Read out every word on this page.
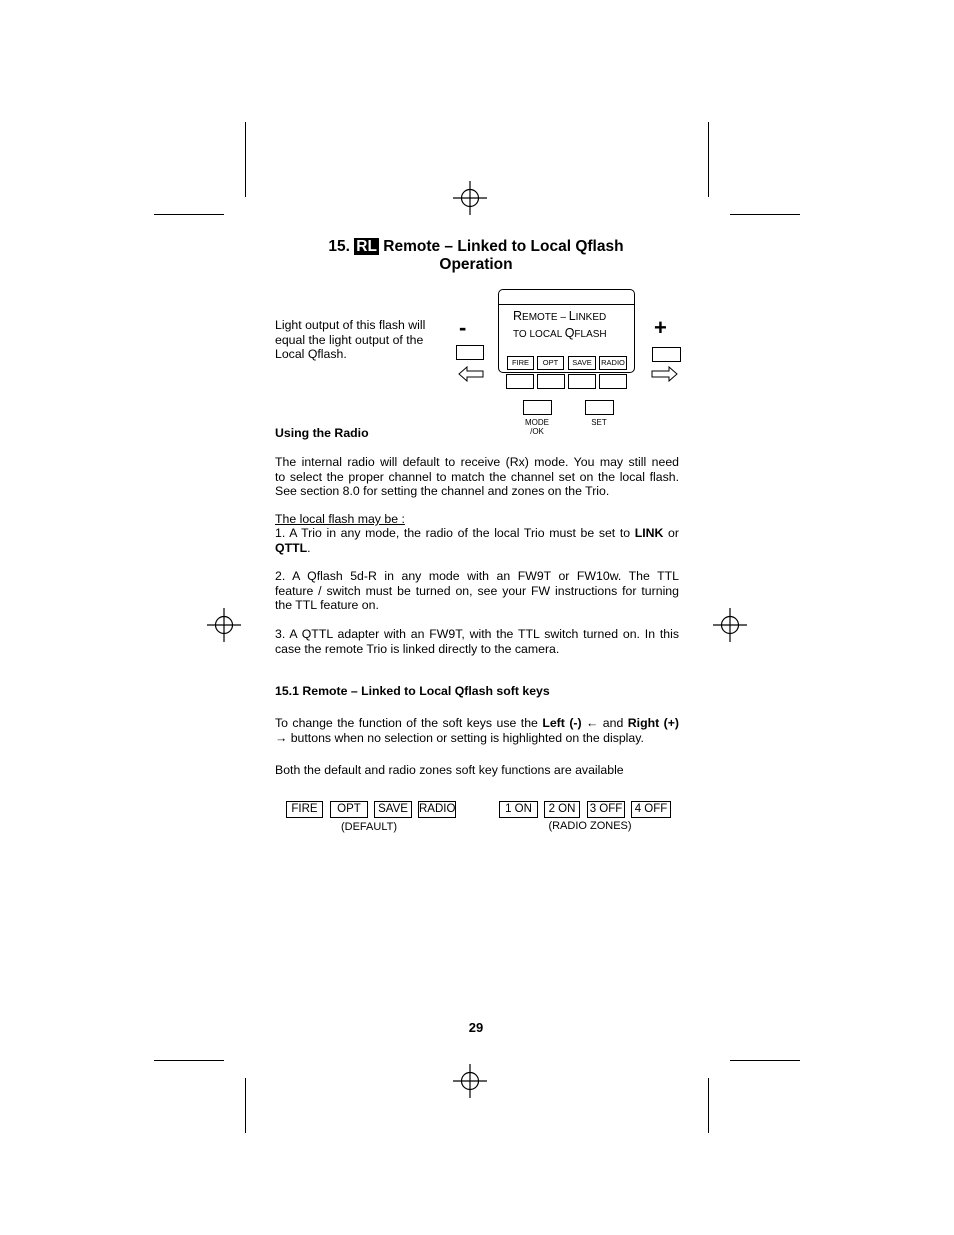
15. RL Remote – Linked to Local Qflash
Operation
Light output of this flash will
equal the light output of the
Local Qflash.
REMOTE – LINKED
TO LOCAL QFLASH
FIRE	OPT	SAVE	RADIO
-	+
MODE
/OK
SET
Using the Radio
The internal radio will default to receive (Rx) mode. You may still need
to select the proper channel to match the channel set on the local flash.
See section 8.0 for setting the channel and zones on the Trio.
The local flash may be :
1. A Trio in any mode, the radio of the local Trio must be set to LINK or
QTTL.
2. A Qflash 5d-R in any mode with an FW9T or FW10w. The TTL
feature / switch must be turned on, see your FW instructions for turning
the TTL feature on.
3. A QTTL adapter with an FW9T, with the TTL switch turned on. In this
case the remote Trio is linked directly to the camera.
15.1 Remote – Linked to Local Qflash soft keys
To change the function of the soft keys use the Left (-) ← and Right (+)
→ buttons when no selection or setting is highlighted on the display.
Both the default and radio zones soft key functions are available
FIRE	OPT	SAVE RADIO
(DEFAULT)
1 ON	2 ON	3 OFF	4 OFF
(RADIO ZONES)
29
